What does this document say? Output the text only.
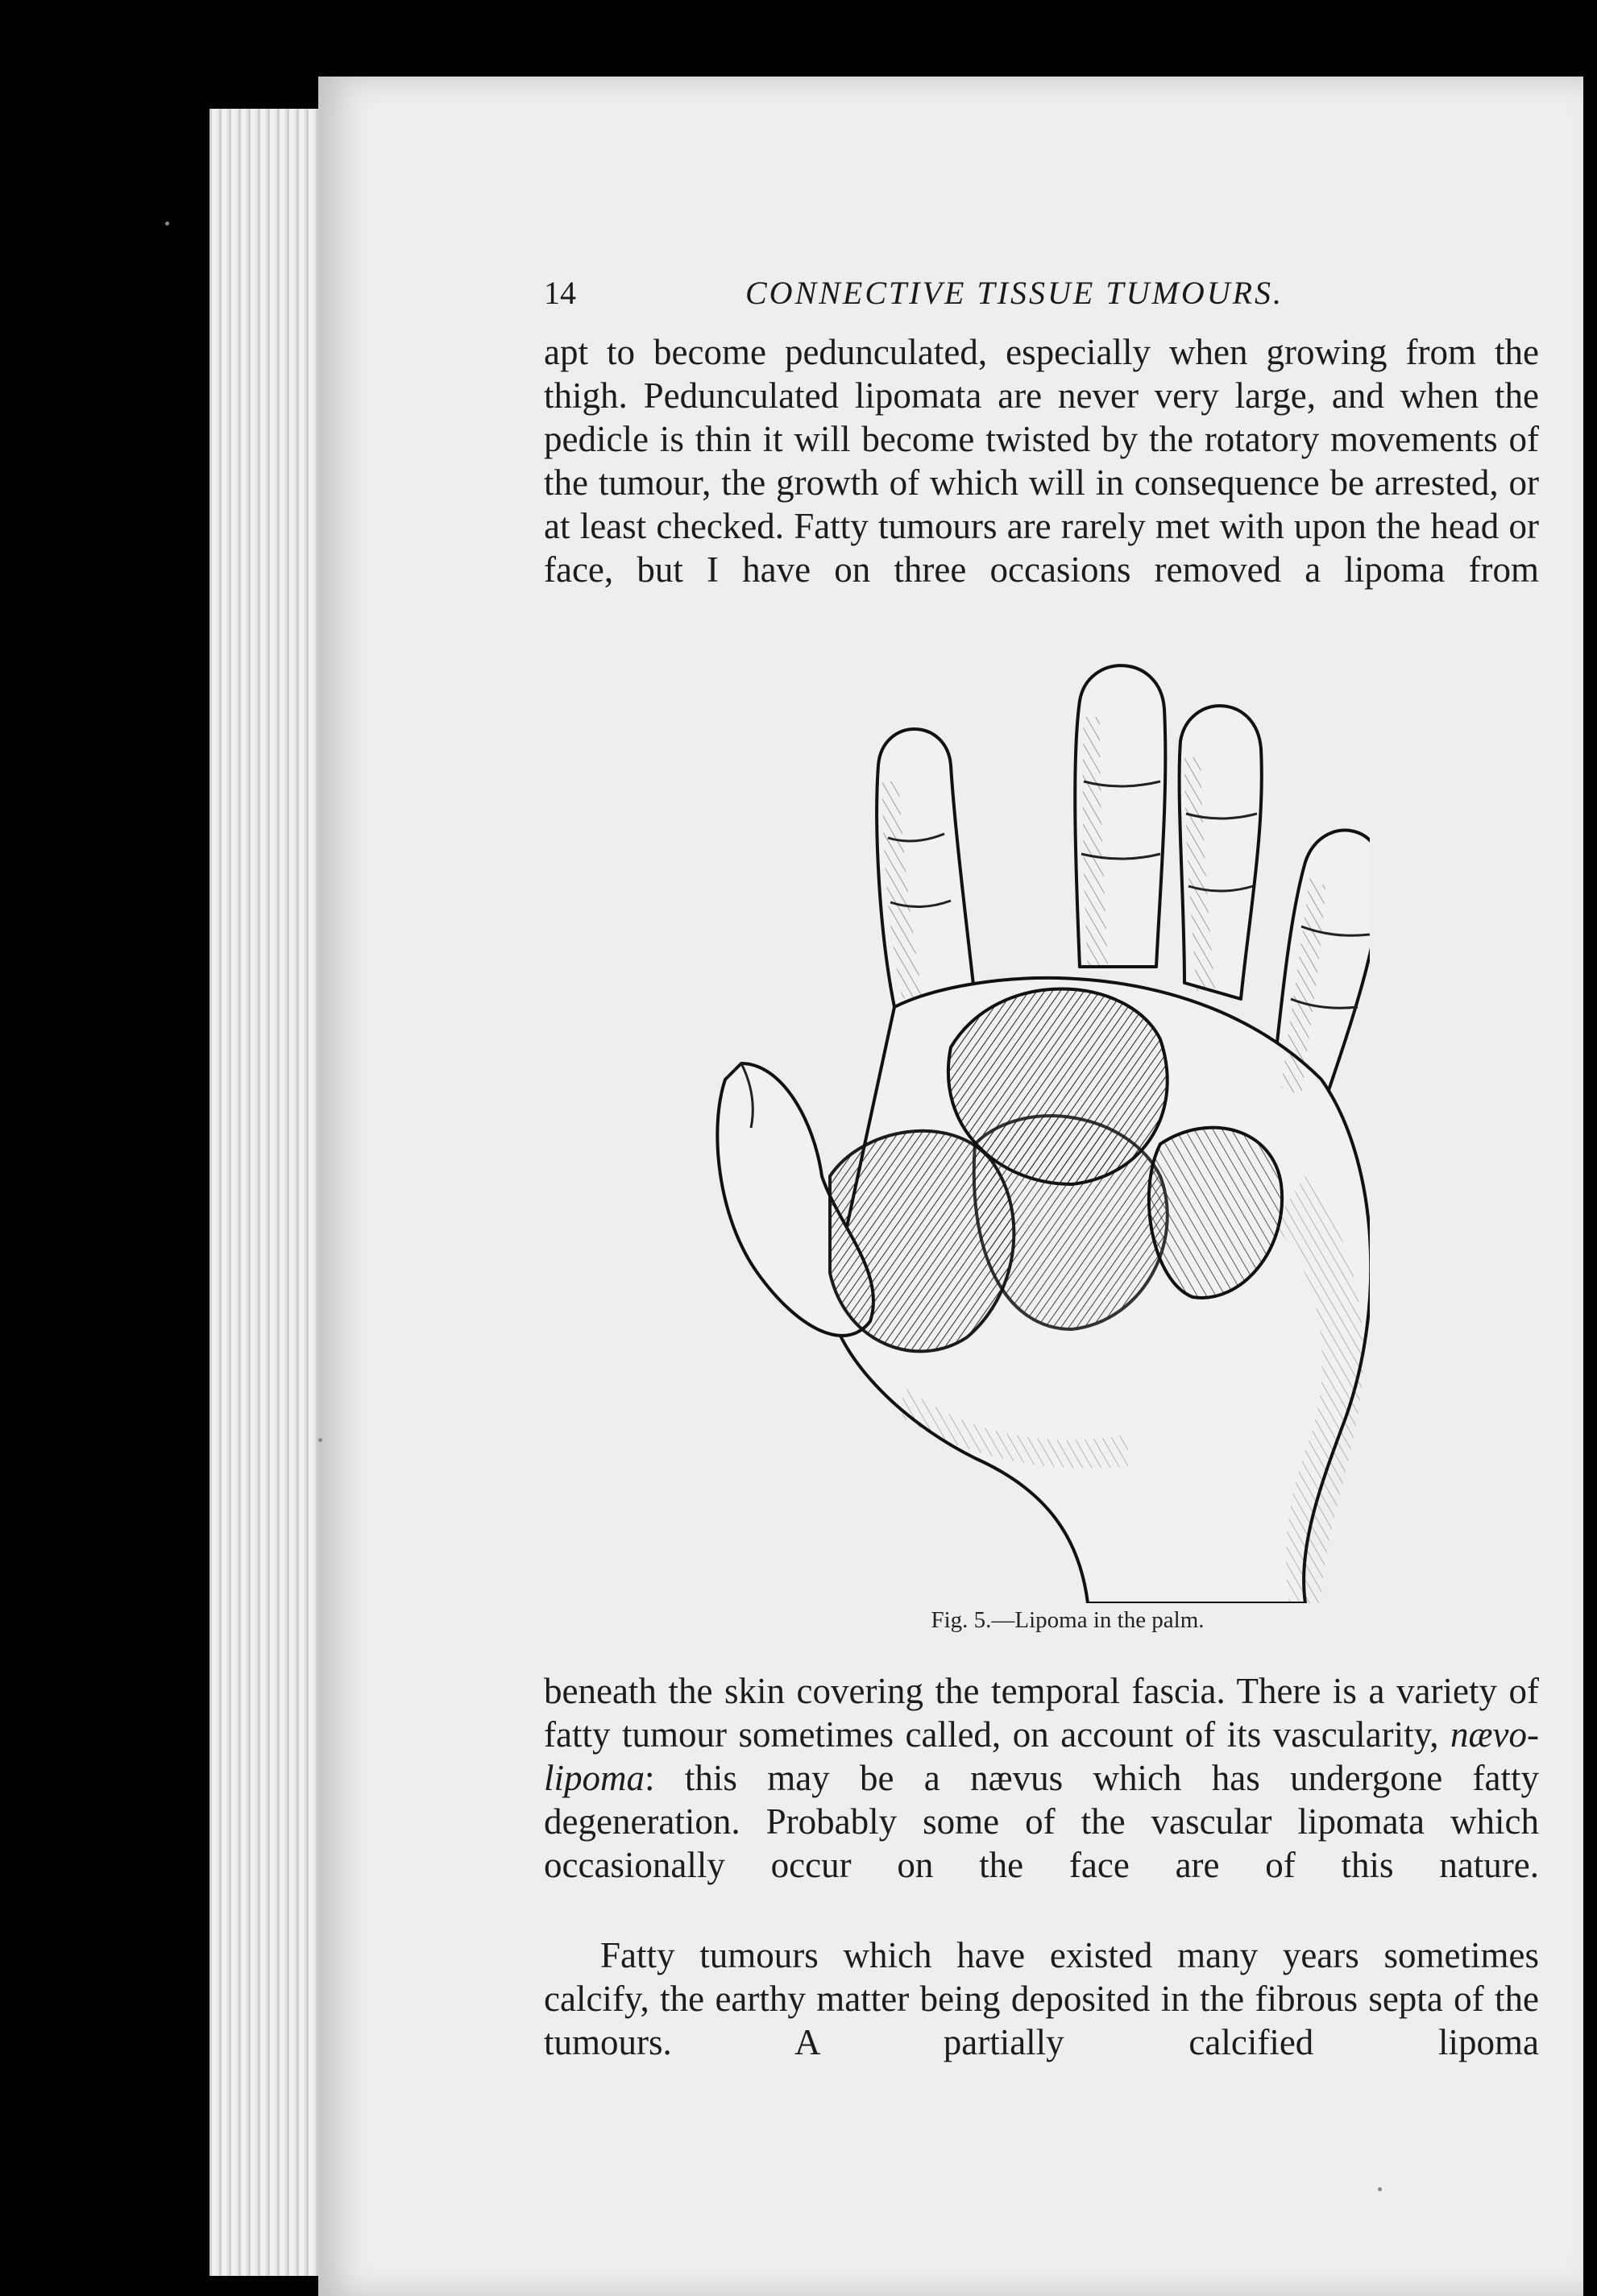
14	CONNECTIVE TISSUE TUMOURS.

apt to become pedunculated, especially when growing from the thigh. Pedunculated lipomata are never very large, and when the pedicle is thin it will become twisted by the rotatory movements of the tumour, the growth of which will in consequence be arrested, or at least checked. Fatty tumours are rarely met with upon the head or face, but I have on three occasions removed a lipoma from

Fig. 5.—Lipoma in the palm.

beneath the skin covering the temporal fascia. There is a variety of fatty tumour sometimes called, on account of its vascularity, nævo-lipoma: this may be a nævus which has undergone fatty degeneration. Probably some of the vascular lipomata which occasionally occur on the face are of this nature.

Fatty tumours which have existed many years sometimes calcify, the earthy matter being deposited in the fibrous septa of the tumours. A partially calcified lipoma
